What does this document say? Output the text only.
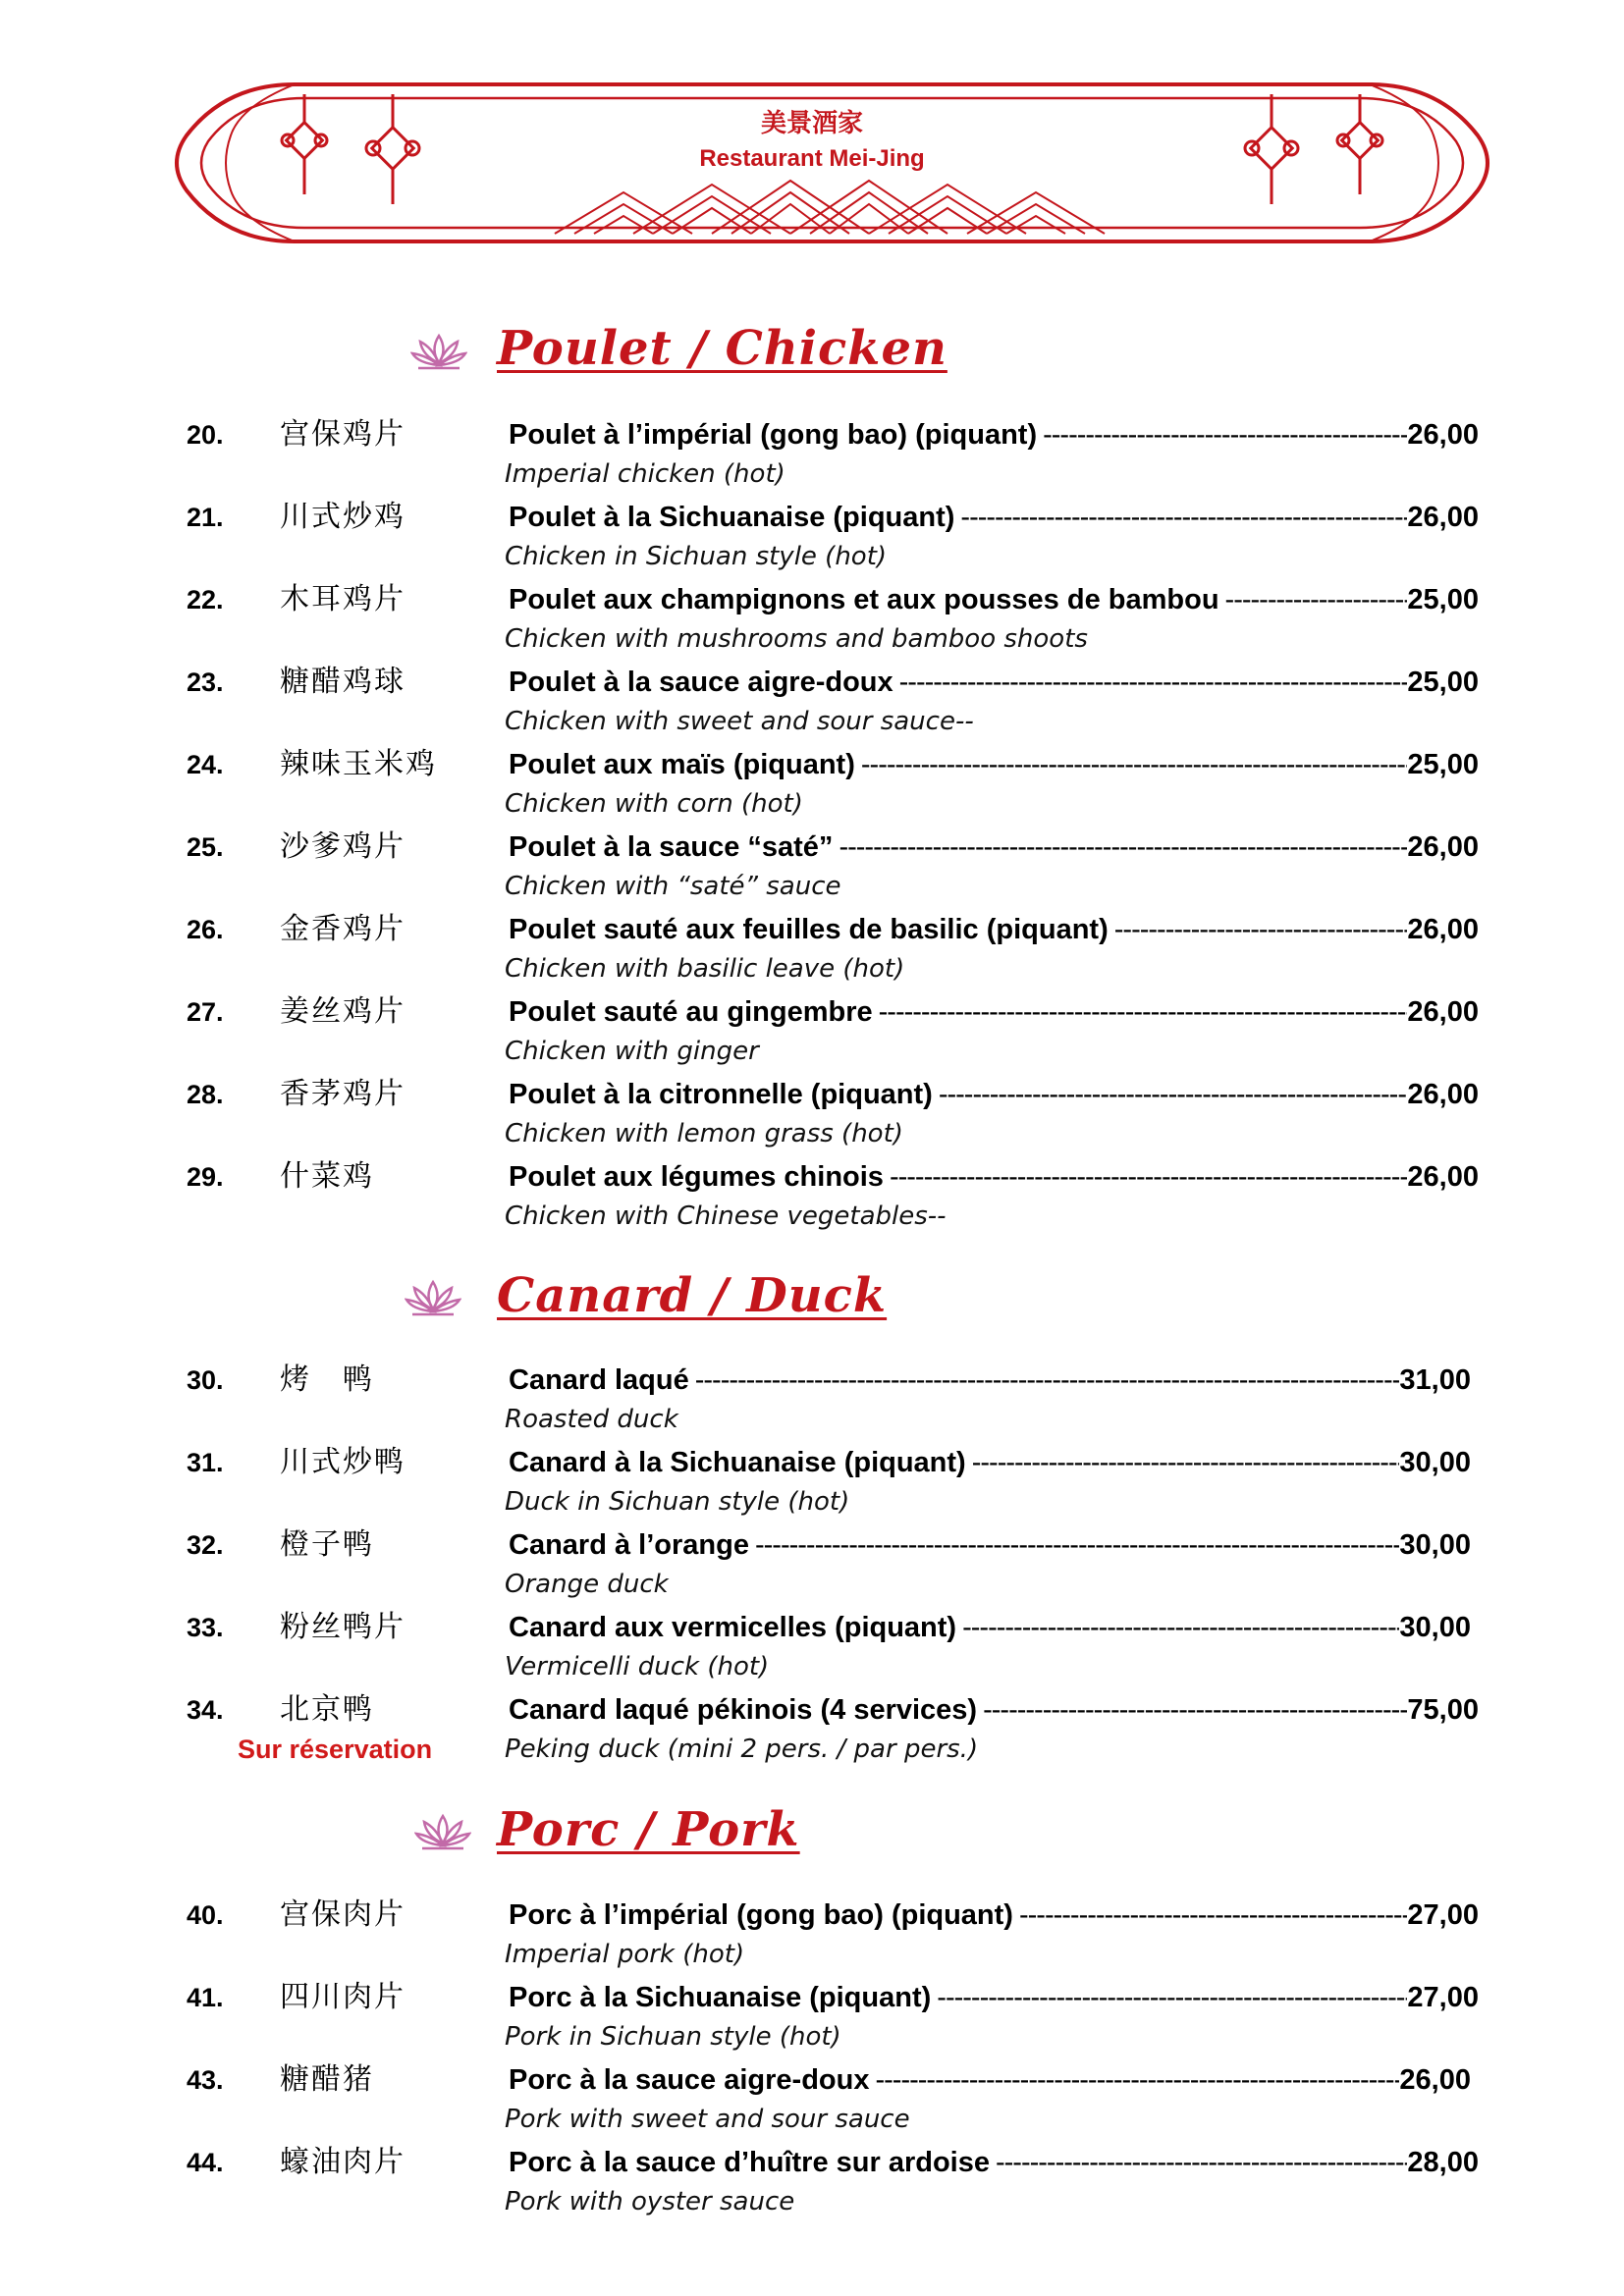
美景酒家
Restaurant Mei-Jing
Poulet / Chicken
20. 宫保鸡片	Poulet à l’impérial (gong bao) (piquant) -----	26,00
Imperial chicken (hot)
21. 川式炒鸡	Poulet à la Sichuanaise (piquant) -----	26,00
Chicken in Sichuan style (hot)
22. 木耳鸡片	Poulet aux champignons et aux pousses de bambou -----	25,00
Chicken with mushrooms and bamboo shoots
23. 糖醋鸡球	Poulet à la sauce aigre-doux -----	25,00
Chicken with sweet and sour sauce--
24. 辣味玉米鸡	Poulet aux maïs (piquant) -----	25,00
Chicken with corn (hot)
25. 沙爹鸡片	Poulet à la sauce “saté” -----	26,00
Chicken with “saté” sauce
26. 金香鸡片	Poulet sauté aux feuilles de basilic (piquant) -----	26,00
Chicken with basilic leave (hot)
27. 姜丝鸡片	Poulet sauté au gingembre -----	26,00
Chicken with ginger
28. 香茅鸡片	Poulet à la citronnelle (piquant) -----	26,00
Chicken with lemon grass (hot)
29. 什菜鸡	Poulet aux légumes chinois -----	26,00
Chicken with Chinese vegetables--
Canard / Duck
30. 烤　鸭	Canard laqué -----	31,00
Roasted duck
31. 川式炒鸭	Canard à la Sichuanaise (piquant) -----	30,00
Duck in Sichuan style (hot)
32. 橙子鸭	Canard à l’orange -----	30,00
Orange duck
33. 粉丝鸭片	Canard aux vermicelles (piquant) -----	30,00
Vermicelli duck (hot)
34. 北京鸭	Canard laqué pékinois (4 services) -----	75,00
Sur réservation	Peking duck (mini 2 pers. / par pers.)
Porc / Pork
40. 宫保肉片	Porc à l’impérial (gong bao) (piquant) -----	27,00
Imperial pork (hot)
41. 四川肉片	Porc à la Sichuanaise (piquant) -----	27,00
Pork in Sichuan style (hot)
43. 糖醋猪	Porc à la sauce aigre-doux -----	26,00
Pork with sweet and sour sauce
44. 蠔油肉片	Porc à la sauce d’huître sur ardoise -----	28,00
Pork with oyster sauce
